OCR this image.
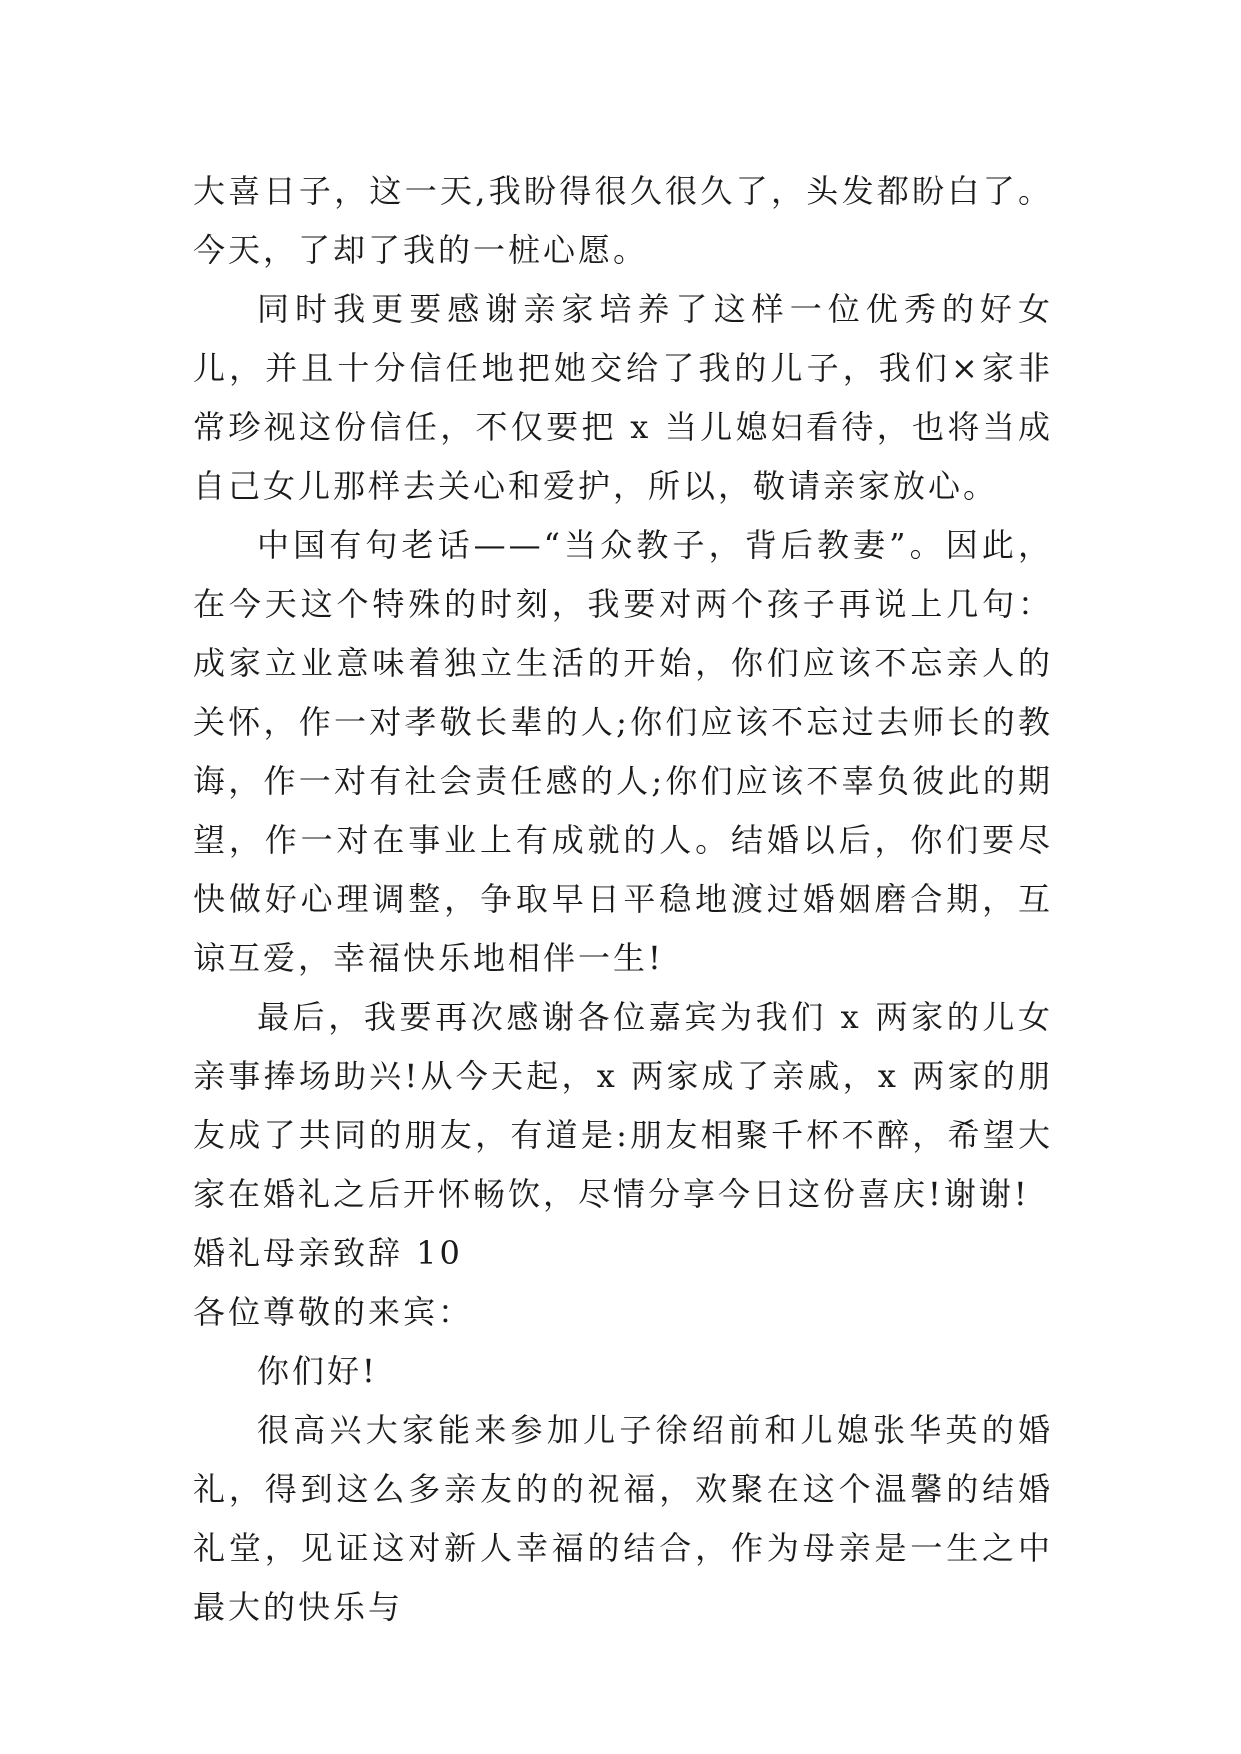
大喜日子，这一天,我盼得很久很久了，头发都盼白了。今天，了却了我的一桩心愿。

同时我更要感谢亲家培养了这样一位优秀的好女儿，并且十分信任地把她交给了我的儿子，我们×家非常珍视这份信任，不仅要把 x 当儿媳妇看待，也将当成自己女儿那样去关心和爱护，所以，敬请亲家放心。

中国有句老话——“当众教子，背后教妻”。因此，在今天这个特殊的时刻，我要对两个孩子再说上几句：成家立业意味着独立生活的开始，你们应该不忘亲人的关怀，作一对孝敬长辈的人;你们应该不忘过去师长的教诲，作一对有社会责任感的人;你们应该不辜负彼此的期望，作一对在事业上有成就的人。结婚以后，你们要尽快做好心理调整，争取早日平稳地渡过婚姻磨合期，互谅互爱，幸福快乐地相伴一生!

最后，我要再次感谢各位嘉宾为我们 x 两家的儿女亲事捧场助兴!从今天起，x 两家成了亲戚，x 两家的朋友成了共同的朋友，有道是:朋友相聚千杯不醉，希望大家在婚礼之后开怀畅饮，尽情分享今日这份喜庆!谢谢!

婚礼母亲致辞 10

各位尊敬的来宾：

你们好!

很高兴大家能来参加儿子徐绍前和儿媳张华英的婚礼，得到这么多亲友的的祝福，欢聚在这个温馨的结婚礼堂，见证这对新人幸福的结合，作为母亲是一生之中最大的快乐与
